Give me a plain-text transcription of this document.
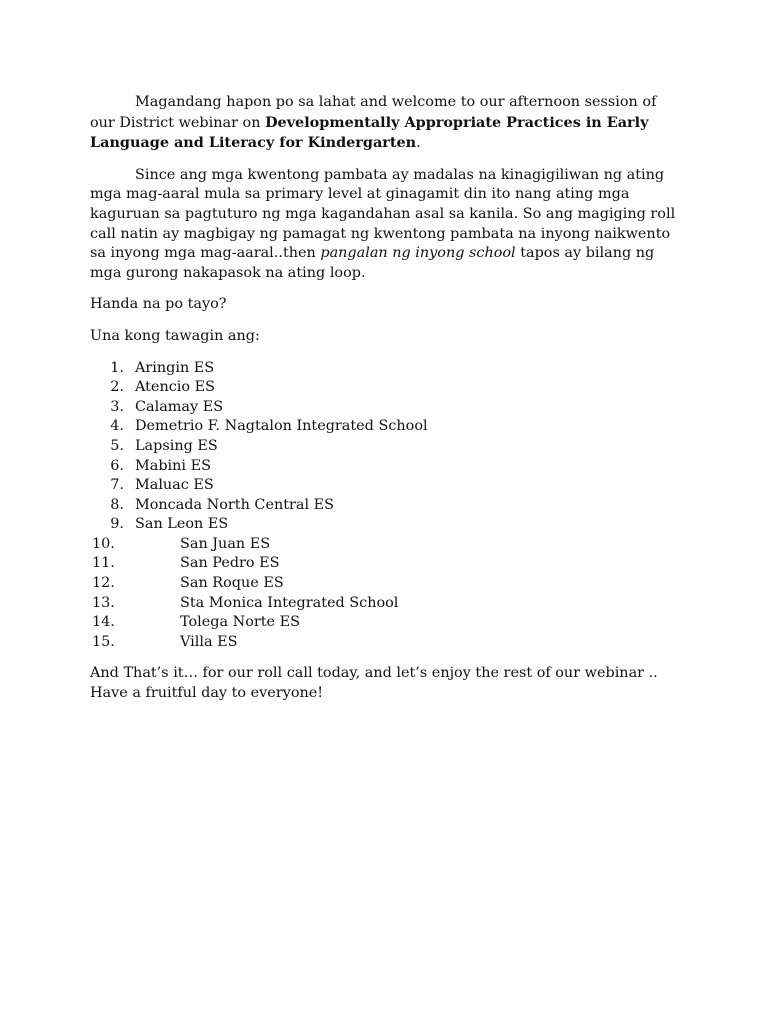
Magandang hapon po sa lahat and welcome to our afternoon session of our District webinar on Developmentally Appropriate Practices in Early Language and Literacy for Kindergarten.

Since ang mga kwentong pambata ay madalas na kinagigiliwan ng ating mga mag-aaral mula sa primary level at ginagamit din ito nang ating mga kaguruan sa pagtuturo ng mga kagandahan asal sa kanila. So ang magiging roll call natin ay magbigay ng pamagat ng kwentong pambata na inyong naikwento sa inyong mga mag-aaral..then pangalan ng inyong school tapos ay bilang ng mga gurong nakapasok na ating loop.

Handa na po tayo?

Una kong tawagin ang:

1. Aringin ES
2. Atencio ES
3. Calamay ES
4. Demetrio F. Nagtalon Integrated School
5. Lapsing ES
6. Mabini ES
7. Maluac ES
8. Moncada North Central ES
9. San Leon ES
10.	San Juan ES
11.	San Pedro ES
12.	San Roque ES
13.	Sta Monica Integrated School
14.	Tolega Norte ES
15.	Villa ES

And That’s it… for our roll call today, and let’s enjoy the rest of our webinar .. Have a fruitful day to everyone!
